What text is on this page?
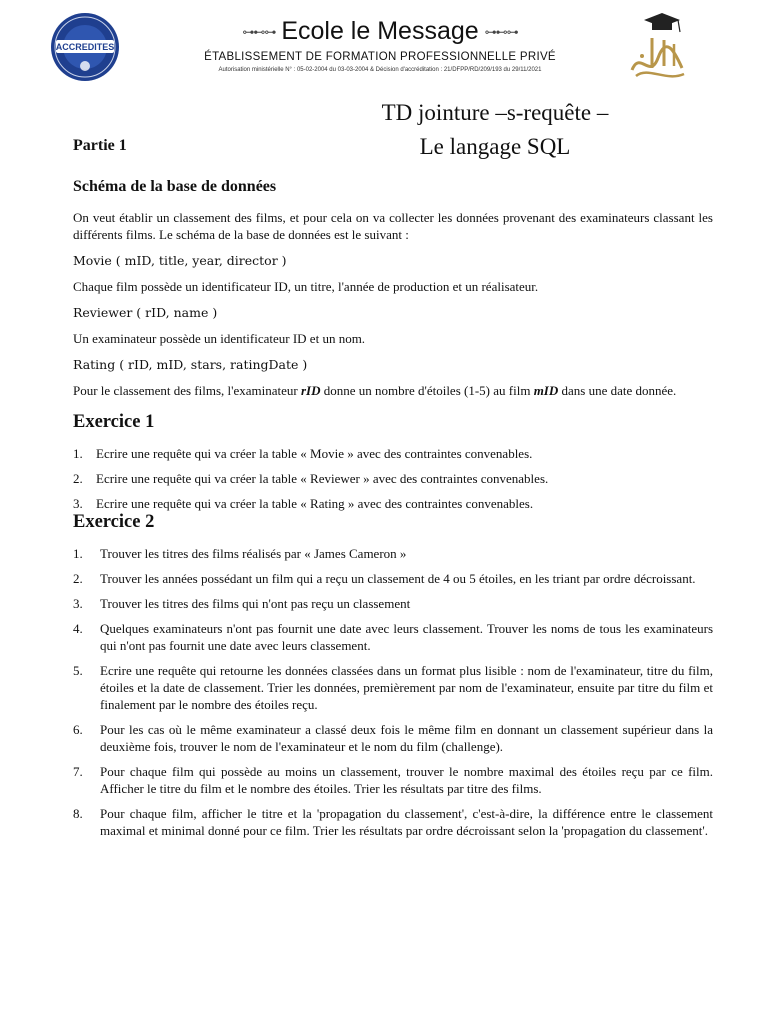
ACCREDITES
⊶⊷⊶ Ecole le Message ⊶⊷⊶
ÉTABLISSEMENT DE FORMATION PROFESSIONNELLE PRIVÉ
Autorisation ministérielle N° : 05-02-2004 du 03-03-2004 & Décision d'accréditation : 21/DFPP/RD/209/193 du 29/11/2021
TD jointure –s-requête –
Le langage SQL
Partie 1
Schéma de la base de données

On veut établir un classement des films, et pour cela on va collecter les données provenant des examinateurs classant les différents films. Le schéma de la base de données est le suivant :

Movie ( mID, title, year, director )

Chaque film possède un identificateur ID, un titre, l'année de production et un réalisateur.

Reviewer ( rID, name )

Un examinateur possède un identificateur ID et un nom.

Rating ( rID, mID, stars, ratingDate )

Pour le classement des films, l'examinateur rID donne un nombre d'étoiles (1-5) au film mID dans une date donnée.

Exercice 1
1. Ecrire une requête qui va créer la table « Movie » avec des contraintes convenables.
2. Ecrire une requête qui va créer la table « Reviewer » avec des contraintes convenables.
3. Ecrire une requête qui va créer la table « Rating » avec des contraintes convenables.
Exercice 2
1. Trouver les titres des films réalisés par « James Cameron »
2. Trouver les années possédant un film qui a reçu un classement de 4 ou 5 étoiles, en les triant par ordre décroissant.
3. Trouver les titres des films qui n'ont pas reçu un classement
4. Quelques examinateurs n'ont pas fournit une date avec leurs classement. Trouver les noms de tous les examinateurs qui n'ont pas fournit une date avec leurs classement.
5. Ecrire une requête qui retourne les données classées dans un format plus lisible : nom de l'examinateur, titre du film, étoiles et la date de classement. Trier les données, premièrement par nom de l'examinateur, ensuite par titre du film et finalement par le nombre des étoiles reçu.
6. Pour les cas où le même examinateur a classé deux fois le même film en donnant un classement supérieur dans la deuxième fois, trouver le nom de l'examinateur et le nom du film (challenge).
7. Pour chaque film qui possède au moins un classement, trouver le nombre maximal des étoiles reçu par ce film. Afficher le titre du film et le nombre des étoiles. Trier les résultats par titre des films.
8. Pour chaque film, afficher le titre et la 'propagation du classement', c'est-à-dire, la différence entre le classement maximal et minimal donné pour ce film. Trier les résultats par ordre décroissant selon la 'propagation du classement'.
